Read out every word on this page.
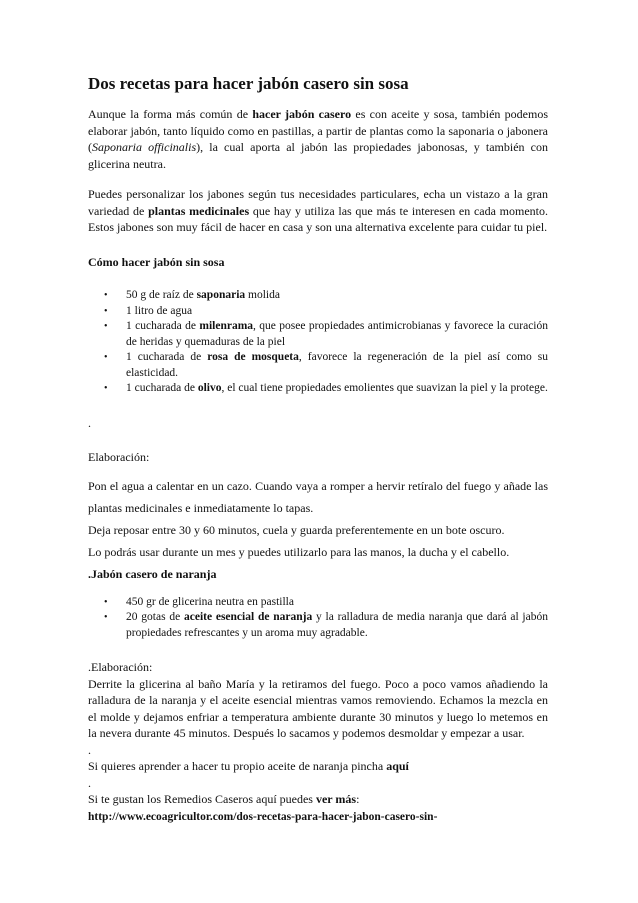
Dos recetas para hacer jabón casero sin sosa

Aunque la forma más común de hacer jabón casero es con aceite y sosa, también podemos elaborar jabón, tanto líquido como en pastillas, a partir de plantas como la saponaria o jabonera (Saponaria officinalis), la cual aporta al jabón las propiedades jabonosas, y también con glicerina neutra.

Puedes personalizar los jabones según tus necesidades particulares, echa un vistazo a la gran variedad de plantas medicinales que hay y utiliza las que más te interesen en cada momento. Estos jabones son muy fácil de hacer en casa y son una alternativa excelente para cuidar tu piel.

Cómo hacer jabón sin sosa

• 50 g de raíz de saponaria molida
• 1 litro de agua
• 1 cucharada de milenrama, que posee propiedades antimicrobianas y favorece la curación de heridas y quemaduras de la piel
• 1 cucharada de rosa de mosqueta, favorece la regeneración de la piel así como su elasticidad.
• 1 cucharada de olivo, el cual tiene propiedades emolientes que suavizan la piel y la protege.

.

Elaboración:

Pon el agua a calentar en un cazo. Cuando vaya a romper a hervir retíralo del fuego y añade las plantas medicinales e inmediatamente lo tapas.

Deja reposar entre 30 y 60 minutos, cuela y guarda preferentemente en un bote oscuro.

Lo podrás usar durante un mes y puedes utilizarlo para las manos, la ducha y el cabello.

.Jabón casero de naranja

• 450 gr de glicerina neutra en pastilla
• 20 gotas de aceite esencial de naranja y la ralladura de media naranja que dará al jabón propiedades refrescantes y un aroma muy agradable.

.Elaboración:

Derrite la glicerina al baño María y la retiramos del fuego. Poco a poco vamos añadiendo la ralladura de la naranja y el aceite esencial mientras vamos removiendo. Echamos la mezcla en el molde y dejamos enfriar a temperatura ambiente durante 30 minutos y luego lo metemos en la nevera durante 45 minutos. Después lo sacamos y podemos desmoldar y empezar a usar.

.

Si quieres aprender a hacer tu propio aceite de naranja pincha aquí

.

Si te gustan los Remedios Caseros aquí puedes ver más:

http://www.ecoagricultor.com/dos-recetas-para-hacer-jabon-casero-sin-
